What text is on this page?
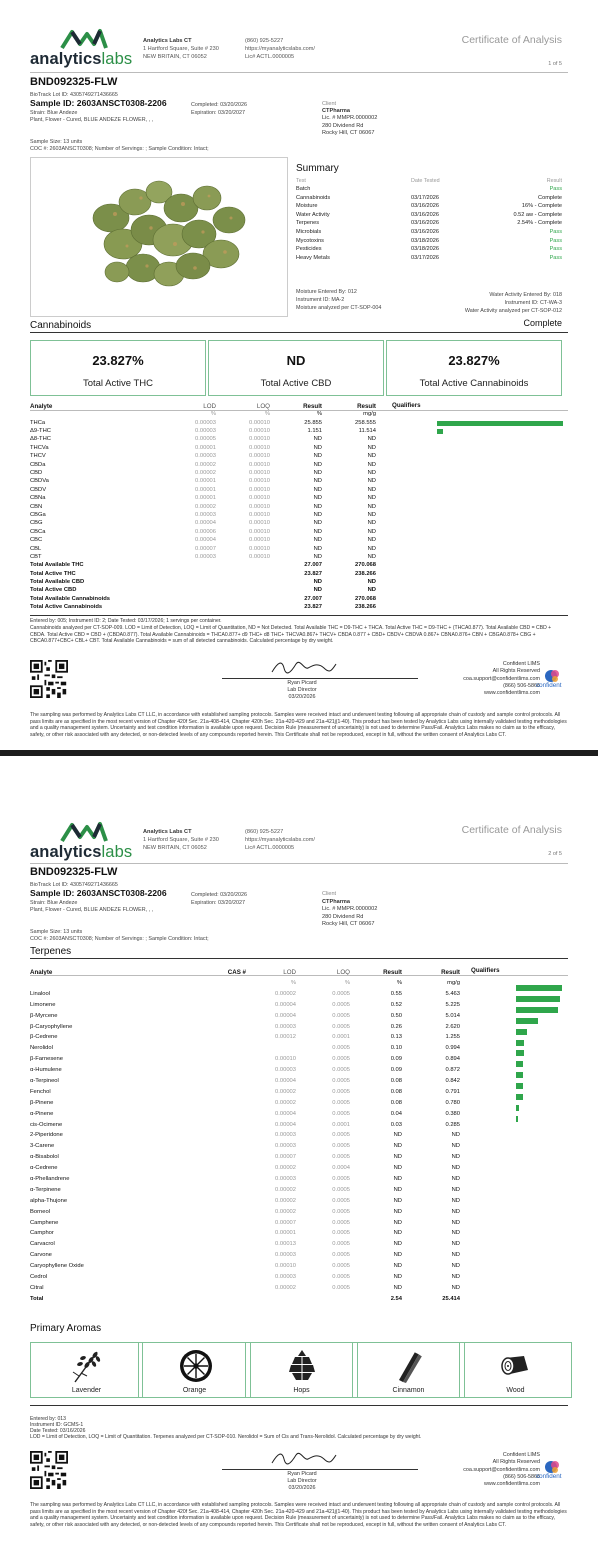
analyticslabs
Analytics Labs CT
1 Hartford Square, Suite # 230
NEW BRITAIN, CT 06052
(860) 925-5227
https://myanalyticslabs.com/
Lic# ACTL.0000005
Certificate of Analysis
1 of 5
BND092325-FLW
BioTrack Lot ID: 4305749271436665
Sample ID: 2603ANSCT0308-2206
Strain: Blue Andeze
Plant, Flower - Cured, BLUE ANDEZE FLOWER, , ,
Completed: 03/20/2026
Expiration: 03/20/2027
Client
CTPharma
Lic. # MMPR.0000002
280 Dividend Rd
Rocky Hill, CT 06067
Sample Size: 13 units
COC #: 2603ANSCT0308; Number of Servings: ; Sample Condition: Intact;
Summary
Test	Date Tested	Result
Batch	Pass
Cannabinoids	03/17/2026	Complete
Moisture	03/16/2026	16% - Complete
Water Activity	03/16/2026	0.52 aw - Complete
Terpenes	03/16/2026	2.54% - Complete
Microbials	03/16/2026	Pass
Mycotoxins	03/18/2026	Pass
Pesticides	03/18/2026	Pass
Heavy Metals	03/17/2026	Pass
Moisture Entered By: 012
Instrument ID: MA-2
Moisture analyzed per CT-SOP-004
Water Activity Entered By: 018
Instrument ID: CT-WA-3
Water Activity analyzed per CT-SOP-012
Cannabinoids	Complete
23.827%
Total Active THC
ND
Total Active CBD
23.827%
Total Active Cannabinoids
Analyte	LOD	LOQ	Result	Result
	%	%	%	mg/g
THCa	0.00003	0.00010	25.855	258.555
Δ9-THC	0.00003	0.00010	1.151	11.514
Δ8-THC	0.00005	0.00010	ND	ND
THCVa	0.00001	0.00010	ND	ND
THCV	0.00003	0.00010	ND	ND
CBDa	0.00002	0.00010	ND	ND
CBD	0.00002	0.00010	ND	ND
CBDVa	0.00001	0.00010	ND	ND
CBDV	0.00001	0.00010	ND	ND
CBNa	0.00001	0.00010	ND	ND
CBN	0.00002	0.00010	ND	ND
CBGa	0.00003	0.00010	ND	ND
CBG	0.00004	0.00010	ND	ND
CBCa	0.00006	0.00010	ND	ND
CBC	0.00004	0.00010	ND	ND
CBL	0.00007	0.00010	ND	ND
CBT	0.00003	0.00010	ND	ND
Total Available THC			27.007	270.068
Total Active THC			23.827	238.266
Total Available CBD			ND	ND
Total Active CBD			ND	ND
Total Available Cannabinoids			27.007	270.068
Total Active Cannabinoids			23.827	238.266
Qualifiers
Entered by: 005; Instrument ID: 2; Date Tested: 03/17/2026; 1 servings per container.
Cannabinoids analyzed per CT-SOP-009. LOD = Limit of Detection, LOQ = Limit of Quantitation, ND = Not Detected. Total Available THC = D9-THC + THCA. Total Active THC = D9-THC + (THCA0.877). Total Available CBD = CBD + CBDA. Total Active CBD = CBD + (CBDA0.877). Total Available Cannabinoids = THCA0.877+ d9 THC+ d8 THC+ THCVA0.867+ THCV+ CBDA 0.877 + CBD+ CBDV+ CBDVA 0.867+ CBNA0.876+ CBN + CBGA0.878+ CBG + CBCA0.877+CBC+ CBL+ CBT. Total Available Cannabinoids = sum of all detected cannabinoids. Calculated percentage by dry weight.
Ryan Picard
Lab Director
03/20/2026
Confident LIMS
All Rights Reserved
coa.support@confidentlims.com
(866) 506-5866
www.confidentlims.com
confident
The sampling was performed by Analytics Labs CT LLC, in accordance with established sampling protocols. Samples were received intact and underwent testing following all appropriate chain of custody and sample control protocols. All pass limits are as specified in the most recent version of Chapter 420f Sec. 21a-408-414, Chapter 420h Sec. 21a-420-429 and 21a-421j(1-40). This product has been tested by Analytics Labs using internally validated testing methodologies and a quality management system. Uncertainty and test condition information is available upon request. Decision Rule (measurement of uncertainty) is not used to determine Pass/Fail. Analytics Labs makes no claim as to the efficacy, safety, or other risk associated with any detected, or non-detected levels of any compounds reported herein. This Certificate shall not be reproduced, except in full, without the written consent of Analytics Labs CT.
analyticslabs
Analytics Labs CT
1 Hartford Square, Suite # 230
NEW BRITAIN, CT 06052
(860) 925-5227
https://myanalyticslabs.com/
Lic# ACTL.0000005
Certificate of Analysis
2 of 5
BND092325-FLW
BioTrack Lot ID: 4305749271436665
Sample ID: 2603ANSCT0308-2206
Strain: Blue Andeze
Plant, Flower - Cured, BLUE ANDEZE FLOWER, , ,
Completed: 03/20/2026
Expiration: 03/20/2027
Client
CTPharma
Lic. # MMPR.0000002
280 Dividend Rd
Rocky Hill, CT 06067
Sample Size: 13 units
COC #: 2603ANSCT0308; Number of Servings: ; Sample Condition: Intact;
Terpenes
Analyte	CAS #	LOD	LOQ	Result	Result
		%	%	%	mg/g
Linalool		0.00002	0.0005	0.55	5.463
Limonene		0.00004	0.0005	0.52	5.225
β-Myrcene		0.00004	0.0005	0.50	5.014
β-Caryophyllene		0.00003	0.0005	0.26	2.620
β-Cedrene		0.00012	0.0001	0.13	1.255
Nerolidol			0.0005	0.10	0.994
β-Farnesene		0.00010	0.0005	0.09	0.894
α-Humulene		0.00003	0.0005	0.09	0.872
α-Terpineol		0.00004	0.0005	0.08	0.842
Fenchol		0.00002	0.0005	0.08	0.791
β-Pinene		0.00002	0.0005	0.08	0.780
α-Pinene		0.00004	0.0005	0.04	0.380
cis-Ocimene		0.00004	0.0001	0.03	0.285
2-Piperidone		0.00003	0.0005	ND	ND
3-Carene		0.00003	0.0005	ND	ND
α-Bisabolol		0.00007	0.0005	ND	ND
α-Cedrene		0.00002	0.0004	ND	ND
α-Phellandrene		0.00003	0.0005	ND	ND
α-Terpinene		0.00002	0.0005	ND	ND
alpha-Thujone		0.00002	0.0005	ND	ND
Borneol		0.00002	0.0005	ND	ND
Camphene		0.00007	0.0005	ND	ND
Camphor		0.00001	0.0005	ND	ND
Carvacrol		0.00013	0.0005	ND	ND
Carvone		0.00003	0.0005	ND	ND
Caryophyllene Oxide		0.00010	0.0005	ND	ND
Cedrol		0.00003	0.0005	ND	ND
Citral		0.00002	0.0005	ND	ND
Total				2.54	25.414
Qualifiers
Primary Aromas
Lavender	Orange	Hops	Cinnamon	Wood
Entered by: 013
Instrument ID: GCMS-1
Date Tested: 03/16/2026
LOD = Limit of Detection, LOQ = Limit of Quantitation. Terpenes analyzed per CT-SOP-010. Nerolidol = Sum of Cis and Trans-Nerolidol. Calculated percentage by dry weight.
Ryan Picard
Lab Director
03/20/2026
Confident LIMS
All Rights Reserved
coa.support@confidentlims.com
(866) 506-5866
www.confidentlims.com
confident
The sampling was performed by Analytics Labs CT LLC, in accordance with established sampling protocols. Samples were received intact and underwent testing following all appropriate chain of custody and sample control protocols. All pass limits are as specified in the most recent version of Chapter 420f Sec. 21a-408-414, Chapter 420h Sec. 21a-420-429 and 21a-421j(1-40). This product has been tested by Analytics Labs using internally validated testing methodologies and a quality management system. Uncertainty and test condition information is available upon request. Decision Rule (measurement of uncertainty) is not used to determine Pass/Fail. Analytics Labs makes no claim as to the efficacy, safety, or other risk associated with any detected, or non-detected levels of any compounds reported herein. This Certificate shall not be reproduced, except in full, without the written consent of Analytics Labs CT.
